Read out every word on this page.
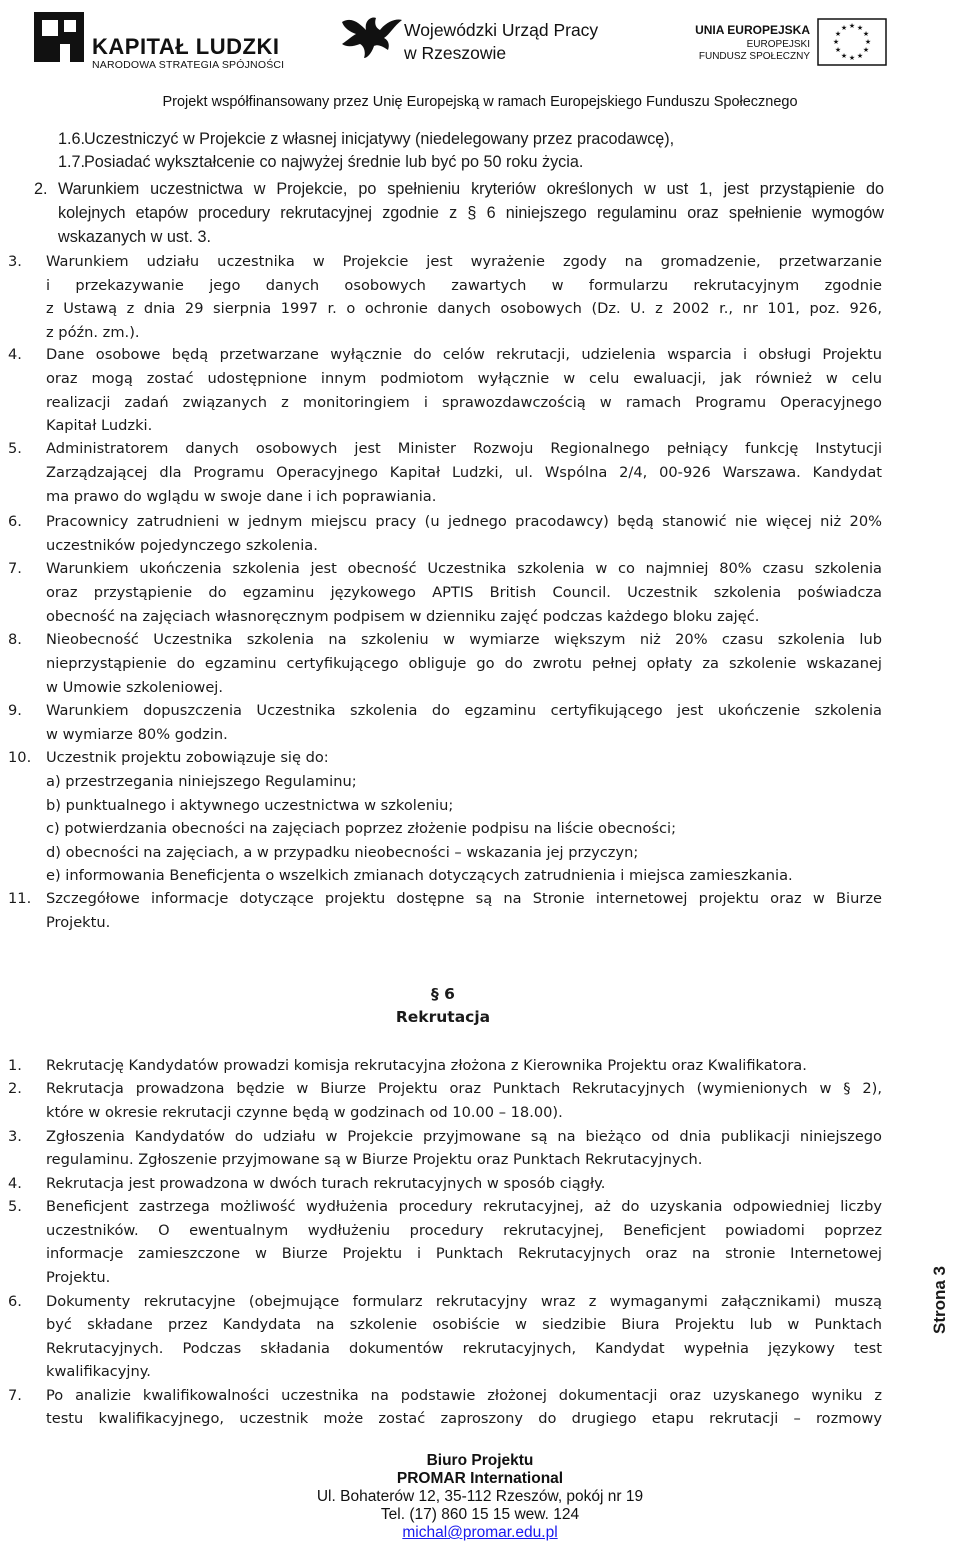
KAPITAŁ LUDZKI
NARODOWA STRATEGIA SPÓJNOŚCI
Wojewódzki Urząd Pracy
w Rzeszowie
UNIA EUROPEJSKA
EUROPEJSKI
FUNDUSZ SPOŁECZNY
★ ★
★
★
★
★
★
★
★
★
★
★
Projekt współfinansowany przez Unię Europejską w ramach Europejskiego Funduszu Społecznego
1.6.
Uczestniczyć w Projekcie z własnej inicjatywy (niedelegowany przez pracodawcę),
1.7.
Posiadać wykształcenie co najwyżej średnie lub być po 50 roku życia.
2. Warunkiem uczestnictwa w Projekcie, po spełnieniu kryteriów określonych w ust 1, jest przystąpienie do
kolejnych etapów procedury rekrutacyjnej zgodnie z § 6 niniejszego regulaminu oraz spełnienie wymogów
wskazanych w ust. 3.
3. Warunkiem udziału uczestnika w Projekcie jest wyrażenie zgody na gromadzenie, przetwarzanie
i przekazywanie jego danych osobowych zawartych w formularzu rekrutacyjnym zgodnie
z Ustawą z dnia 29 sierpnia 1997 r. o ochronie danych osobowych (Dz. U. z 2002 r., nr 101, poz. 926,
z późn. zm.).
4. Dane osobowe będą przetwarzane wyłącznie do celów rekrutacji, udzielenia wsparcia i obsługi Projektu
oraz mogą zostać udostępnione innym podmiotom wyłącznie w celu ewaluacji, jak również w celu
realizacji zadań związanych z monitoringiem i sprawozdawczością w ramach Programu Operacyjnego
Kapitał Ludzki.
5. Administratorem danych osobowych jest Minister Rozwoju Regionalnego pełniący funkcję Instytucji
Zarządzającej dla Programu Operacyjnego Kapitał Ludzki, ul. Wspólna 2/4, 00-926 Warszawa. Kandydat
ma prawo do wglądu w swoje dane i ich poprawiania.
6. Pracownicy zatrudnieni w jednym miejscu pracy (u jednego pracodawcy) będą stanowić nie więcej niż 20%
uczestników pojedynczego szkolenia.
7. Warunkiem ukończenia szkolenia jest obecność Uczestnika szkolenia w co najmniej 80% czasu szkolenia
oraz przystąpienie do egzaminu językowego APTIS British Council. Uczestnik szkolenia poświadcza
obecność na zajęciach własnoręcznym podpisem w dzienniku zajęć podczas każdego bloku zajęć.
8. Nieobecność Uczestnika szkolenia na szkoleniu w wymiarze większym niż 20% czasu szkolenia lub
nieprzystąpienie do egzaminu certyfikującego obliguje go do zwrotu pełnej opłaty za szkolenie wskazanej
w Umowie szkoleniowej.
9. Warunkiem dopuszczenia Uczestnika szkolenia do egzaminu certyfikującego jest ukończenie szkolenia
w wymiarze 80% godzin.
10. Uczestnik projektu zobowiązuje się do:
a) przestrzegania niniejszego Regulaminu;
b) punktualnego i aktywnego uczestnictwa w szkoleniu;
c) potwierdzania obecności na zajęciach poprzez złożenie podpisu na liście obecności;
d) obecności na zajęciach, a w przypadku nieobecności – wskazania jej przyczyn;
e) informowania Beneficjenta o wszelkich zmianach dotyczących zatrudnienia i miejsca zamieszkania.
11. Szczegółowe informacje dotyczące projektu dostępne są na Stronie internetowej projektu oraz w Biurze
Projektu.
§ 6
Rekrutacja
1. Rekrutację Kandydatów prowadzi komisja rekrutacyjna złożona z Kierownika Projektu oraz Kwalifikatora.
2. Rekrutacja prowadzona będzie w Biurze Projektu oraz Punktach Rekrutacyjnych (wymienionych w § 2),
które w okresie rekrutacji czynne będą w godzinach od 10.00 – 18.00).
3. Zgłoszenia Kandydatów do udziału w Projekcie przyjmowane są na bieżąco od dnia publikacji niniejszego
regulaminu. Zgłoszenie przyjmowane są w Biurze Projektu oraz Punktach Rekrutacyjnych.
4. Rekrutacja jest prowadzona w dwóch turach rekrutacyjnych w sposób ciągły.
5. Beneficjent zastrzega możliwość wydłużenia procedury rekrutacyjnej, aż do uzyskania odpowiedniej liczby
uczestników. O ewentualnym wydłużeniu procedury rekrutacyjnej, Beneficjent powiadomi poprzez
informacje zamieszczone w Biurze Projektu i Punktach Rekrutacyjnych oraz na stronie Internetowej
Projektu.
6. Dokumenty rekrutacyjne (obejmujące formularz rekrutacyjny wraz z wymaganymi załącznikami) muszą
być składane przez Kandydata na szkolenie osobiście w siedzibie Biura Projektu lub w Punktach
Rekrutacyjnych. Podczas składania dokumentów rekrutacyjnych, Kandydat wypełnia językowy test
kwalifikacyjny.
7. Po analizie kwalifikowalności uczestnika na podstawie złożonej dokumentacji oraz uzyskanego wyniku z
testu kwalifikacyjnego, uczestnik może zostać zaproszony do drugiego etapu rekrutacji – rozmowy
Strona 3
Biuro Projektu
PROMAR International
Ul. Bohaterów 12, 35-112 Rzeszów, pokój nr 19
Tel. (17) 860 15 15 wew. 124
michal@promar.edu.pl
